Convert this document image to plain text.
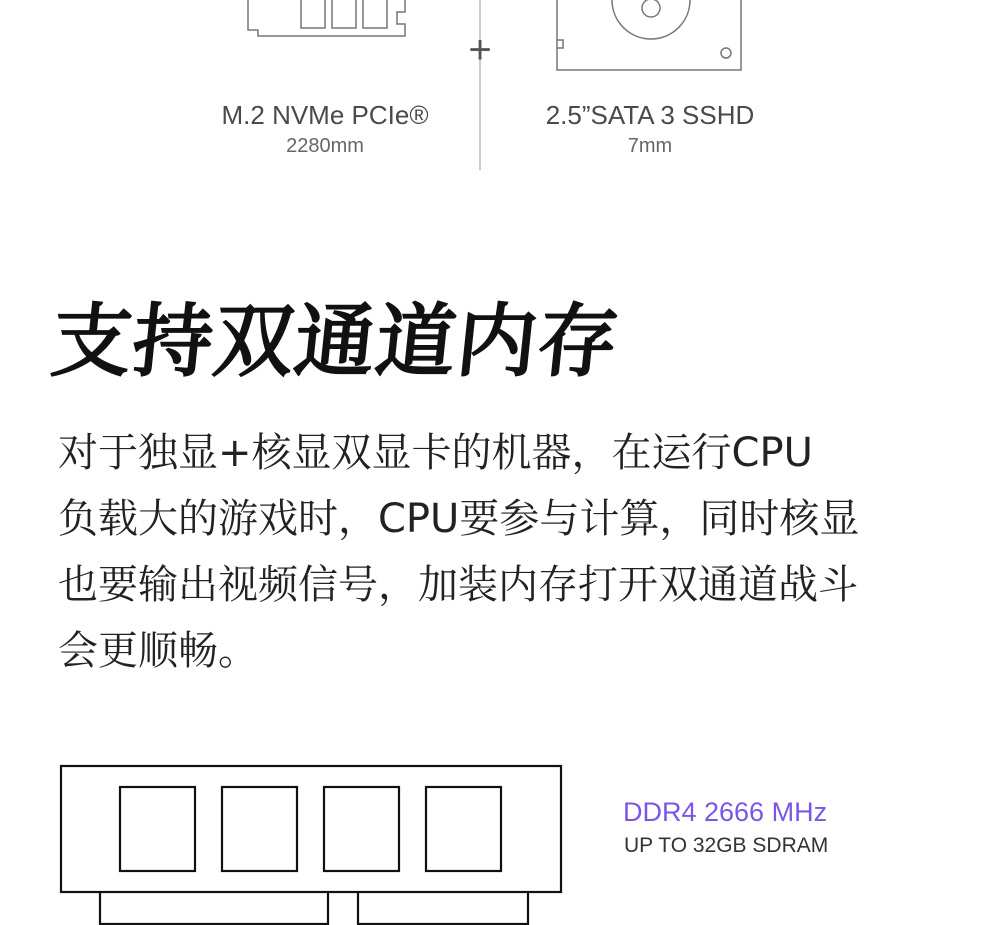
+
M.2 NVMe PCIe®
2280mm
2.5”SATA 3 SSHD
7mm
支持双通道内存
对于独显+核显双显卡的机器，在运行CPU
负载大的游戏时，CPU要参与计算，同时核显
也要输出视频信号，加装内存打开双通道战斗
会更顺畅。
DDR4 2666 MHz
UP TO 32GB SDRAM
